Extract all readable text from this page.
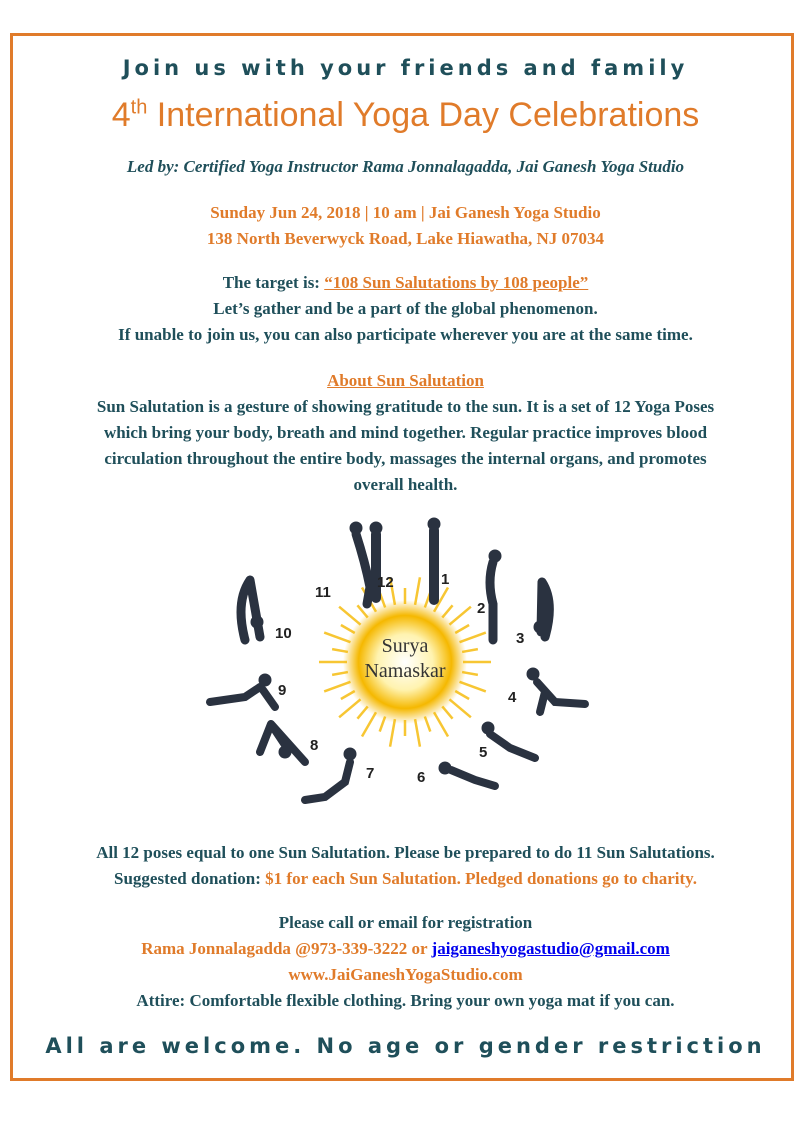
Join us with your friends and family
4th International Yoga Day Celebrations
Led by: Certified Yoga Instructor Rama Jonnalagadda, Jai Ganesh Yoga Studio
Sunday Jun 24, 2018 | 10 am | Jai Ganesh Yoga Studio
138 North Beverwyck Road, Lake Hiawatha, NJ 07034
The target is: “108 Sun Salutations by 108 people”
Let’s gather and be a part of the global phenomenon.
If unable to join us, you can also participate wherever you are at the same time.
About Sun Salutation
Sun Salutation is a gesture of showing gratitude to the sun. It is a set of 12 Yoga Poses
which bring your body, breath and mind together. Regular practice improves blood
circulation throughout the entire body, massages the internal organs, and promotes
overall health.
Surya
Namaskar
1
2
3
4
5
6
7
8
9
10
11
12
All 12 poses equal to one Sun Salutation. Please be prepared to do 11 Sun Salutations.
Suggested donation: $1 for each Sun Salutation. Pledged donations go to charity.
Please call or email for registration
Rama Jonnalagadda @973-339-3222 or jaiganeshyogastudio@gmail.com
www.JaiGaneshYogaStudio.com
Attire: Comfortable flexible clothing. Bring your own yoga mat if you can.
All are welcome. No age or gender restriction
